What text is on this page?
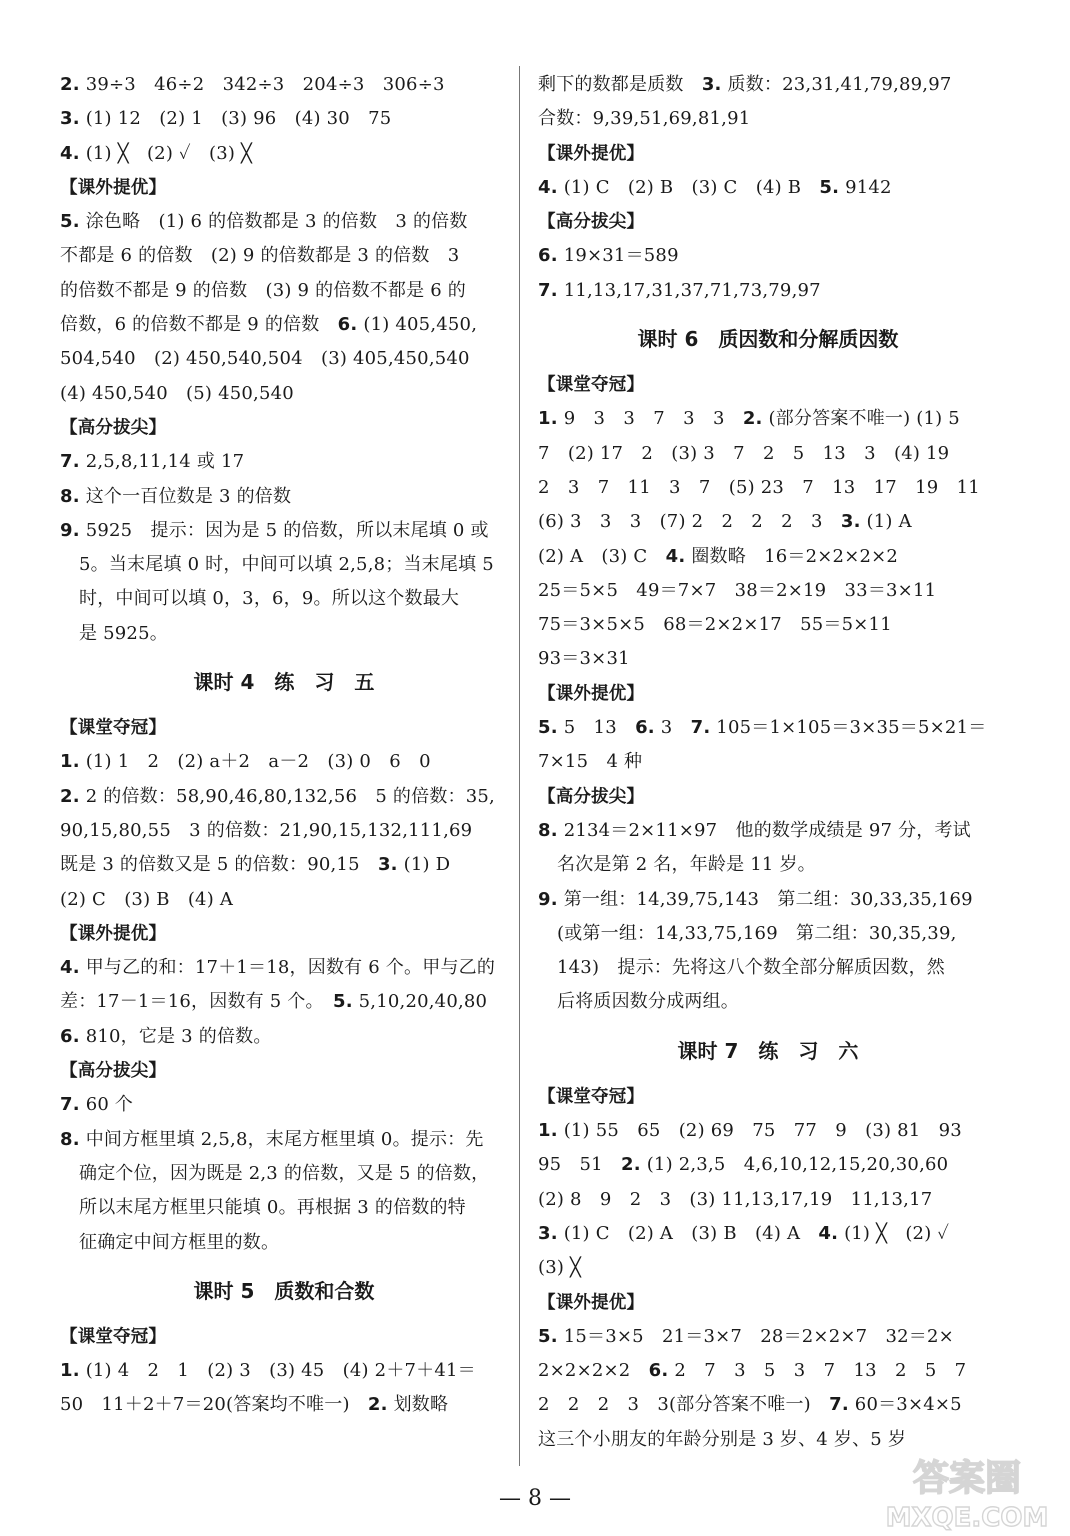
2. 39÷3　46÷2　342÷3　204÷3　306÷3

3. (1) 12　(2) 1　(3) 96　(4) 30　75

4. (1) ╳　(2) ✓　(3) ╳

【课外提优】

5. 涂色略　(1) 6 的倍数都是 3 的倍数　3 的倍数

不都是 6 的倍数　(2) 9 的倍数都是 3 的倍数　3

的倍数不都是 9 的倍数　(3) 9 的倍数不都是 6 的

倍数，6 的倍数不都是 9 的倍数　 6. (1) 405,450,

504,540　(2) 450,540,504　(3) 405,450,540

(4) 450,540　(5) 450,540

【高分拔尖】

7. 2,5,8,11,14 或 17

8. 这个一百位数是 3 的倍数

9. 5925　提示：因为是 5 的倍数，所以末尾填 0 或

5。当末尾填 0 时，中间可以填 2,5,8；当末尾填 5

时，中间可以填 0，3，6，9。所以这个数最大

是 5925。

课时 4　练　习　五

【课堂夺冠】

1. (1) 1　2　(2) a＋2　a－2　(3) 0　6　0

2. 2 的倍数：58,90,46,80,132,56　5 的倍数：35,

90,15,80,55　3 的倍数：21,90,15,132,111,69

既是 3 的倍数又是 5 的倍数：90,15　 3. (1) D

(2) C　(3) B　(4) A

【课外提优】

4. 甲与乙的和：17＋1＝18，因数有 6 个。甲与乙的

差：17－1＝16，因数有 5 个。　 5. 5,10,20,40,80

6. 810，它是 3 的倍数。

【高分拔尖】

7. 60 个

8. 中间方框里填 2,5,8，末尾方框里填 0。提示：先

确定个位，因为既是 2,3 的倍数，又是 5 的倍数，

所以末尾方框里只能填 0。再根据 3 的倍数的特

征确定中间方框里的数。

课时 5　质数和合数

【课堂夺冠】

1. (1) 4　2　1　(2) 3　(3) 45　(4) 2＋7＋41＝

50　11＋2＋7＝20(答案均不唯一)　 2. 划数略

剩下的数都是质数　 3. 质数：23,31,41,79,89,97

合数：9,39,51,69,81,91

【课外提优】

4. (1) C　(2) B　(3) C　(4) B　 5. 9142

【高分拔尖】

6. 19×31＝589

7. 11,13,17,31,37,71,73,79,97

课时 6　质因数和分解质因数

【课堂夺冠】

1. 9　3　3　7　3　3　 2. (部分答案不唯一) (1) 5

7　(2) 17　2　(3) 3　7　2　5　13　3　(4) 19

2　3　7　11　3　7　(5) 23　7　13　17　19　11

(6) 3　3　3　(7) 2　2　2　2　3　 3. (1) A

(2) A　(3) C　 4. 圈数略　16＝2×2×2×2

25＝5×5　49＝7×7　38＝2×19　33＝3×11

75＝3×5×5　68＝2×2×17　55＝5×11

93＝3×31

【课外提优】

5. 5　13　 6. 3　 7. 105＝1×105＝3×35＝5×21＝

7×15　4 种

【高分拔尖】

8. 2134＝2×11×97　他的数学成绩是 97 分，考试

名次是第 2 名，年龄是 11 岁。

9. 第一组：14,39,75,143　第二组：30,33,35,169

(或第一组：14,33,75,169　第二组：30,35,39,

143)　提示：先将这八个数全部分解质因数，然

后将质因数分成两组。

课时 7　练　习　六

【课堂夺冠】

1. (1) 55　65　(2) 69　75　77　9　(3) 81　93

95　51　 2. (1) 2,3,5　4,6,10,12,15,20,30,60

(2) 8　9　2　3　(3) 11,13,17,19　11,13,17

3. (1) C　(2) A　(3) B　(4) A　 4. (1) ╳　(2) ✓

(3) ╳

【课外提优】

5. 15＝3×5　21＝3×7　28＝2×2×7　32＝2×

2×2×2×2　 6. 2　7　3　5　3　7　13　2　5　7

2　2　2　3　3(部分答案不唯一)　 7. 60＝3×4×5

这三个小朋友的年龄分别是 3 岁、4 岁、5 岁

— 8 —	答案圈
MXQE.COM
